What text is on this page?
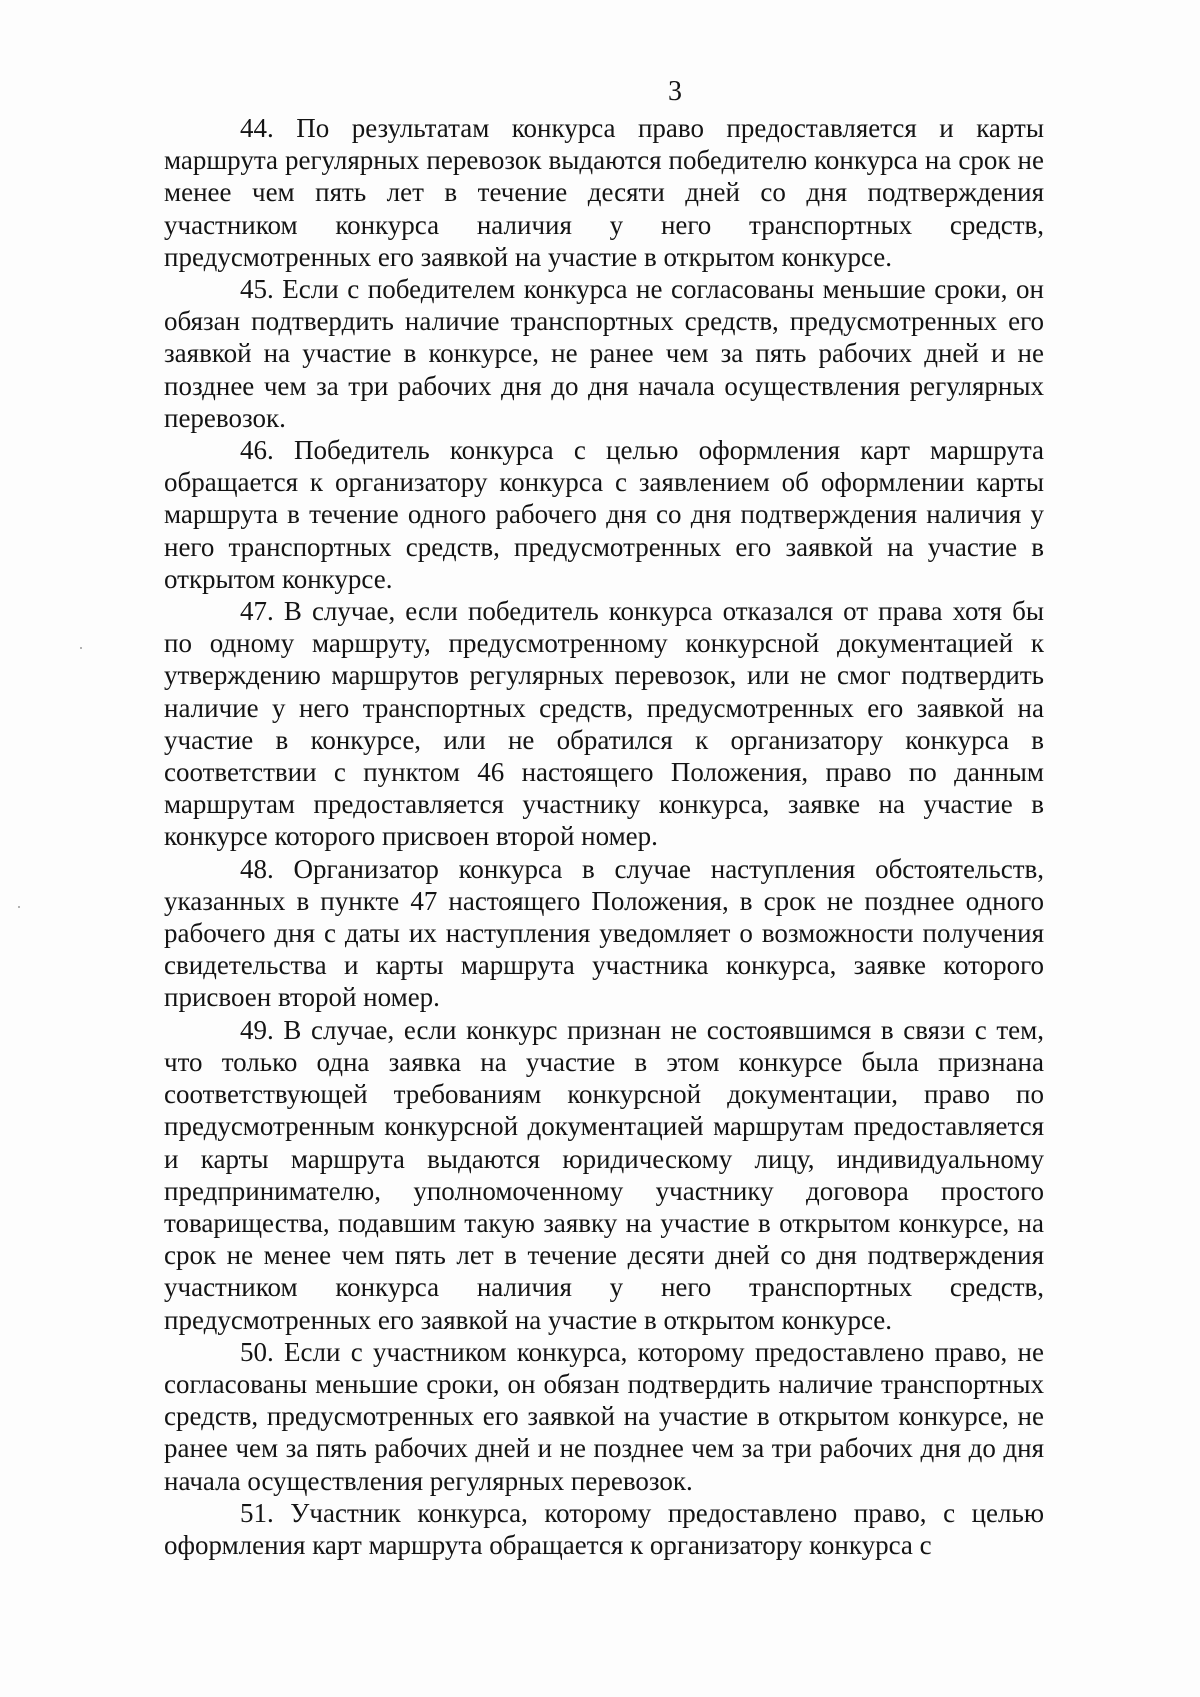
3

44. По результатам конкурса право предоставляется и карты маршрута регулярных перевозок выдаются победителю конкурса на срок не менее чем пять лет в течение десяти дней со дня подтверждения участником конкурса наличия у него транспортных средств, предусмотренных его заявкой на участие в открытом конкурсе.

45. Если с победителем конкурса не согласованы меньшие сроки, он обязан подтвердить наличие транспортных средств, предусмотренных его заявкой на участие в конкурсе, не ранее чем за пять рабочих дней и не позднее чем за три рабочих дня до дня начала осуществления регулярных перевозок.

46. Победитель конкурса с целью оформления карт маршрута обращается к организатору конкурса с заявлением об оформлении карты маршрута в течение одного рабочего дня со дня подтверждения наличия у него транспортных средств, предусмотренных его заявкой на участие в открытом конкурсе.

47. В случае, если победитель конкурса отказался от права хотя бы по одному маршруту, предусмотренному конкурсной документацией к утверждению маршрутов регулярных перевозок, или не смог подтвердить наличие у него транспортных средств, предусмотренных его заявкой на участие в конкурсе, или не обратился к организатору конкурса в соответствии с пунктом 46 настоящего Положения, право по данным маршрутам предоставляется участнику конкурса, заявке на участие в конкурсе которого присвоен второй номер.

48. Организатор конкурса в случае наступления обстоятельств, указанных в пункте 47 настоящего Положения, в срок не позднее одного рабочего дня с даты их наступления уведомляет о возможности получения свидетельства и карты маршрута участника конкурса, заявке которого присвоен второй номер.

49. В случае, если конкурс признан не состоявшимся в связи с тем, что только одна заявка на участие в этом конкурсе была признана соответствующей требованиям конкурсной документации, право по предусмотренным конкурсной документацией маршрутам предоставляется и карты маршрута выдаются юридическому лицу, индивидуальному предпринимателю, уполномоченному участнику договора простого товарищества, подавшим такую заявку на участие в открытом конкурсе, на срок не менее чем пять лет в течение десяти дней со дня подтверждения участником конкурса наличия у него транспортных средств, предусмотренных его заявкой на участие в открытом конкурсе.

50. Если с участником конкурса, которому предоставлено право, не согласованы меньшие сроки, он обязан подтвердить наличие транспортных средств, предусмотренных его заявкой на участие в открытом конкурсе, не ранее чем за пять рабочих дней и не позднее чем за три рабочих дня до дня начала осуществления регулярных перевозок.

51. Участник конкурса, которому предоставлено право, с целью оформления карт маршрута обращается к организатору конкурса с
